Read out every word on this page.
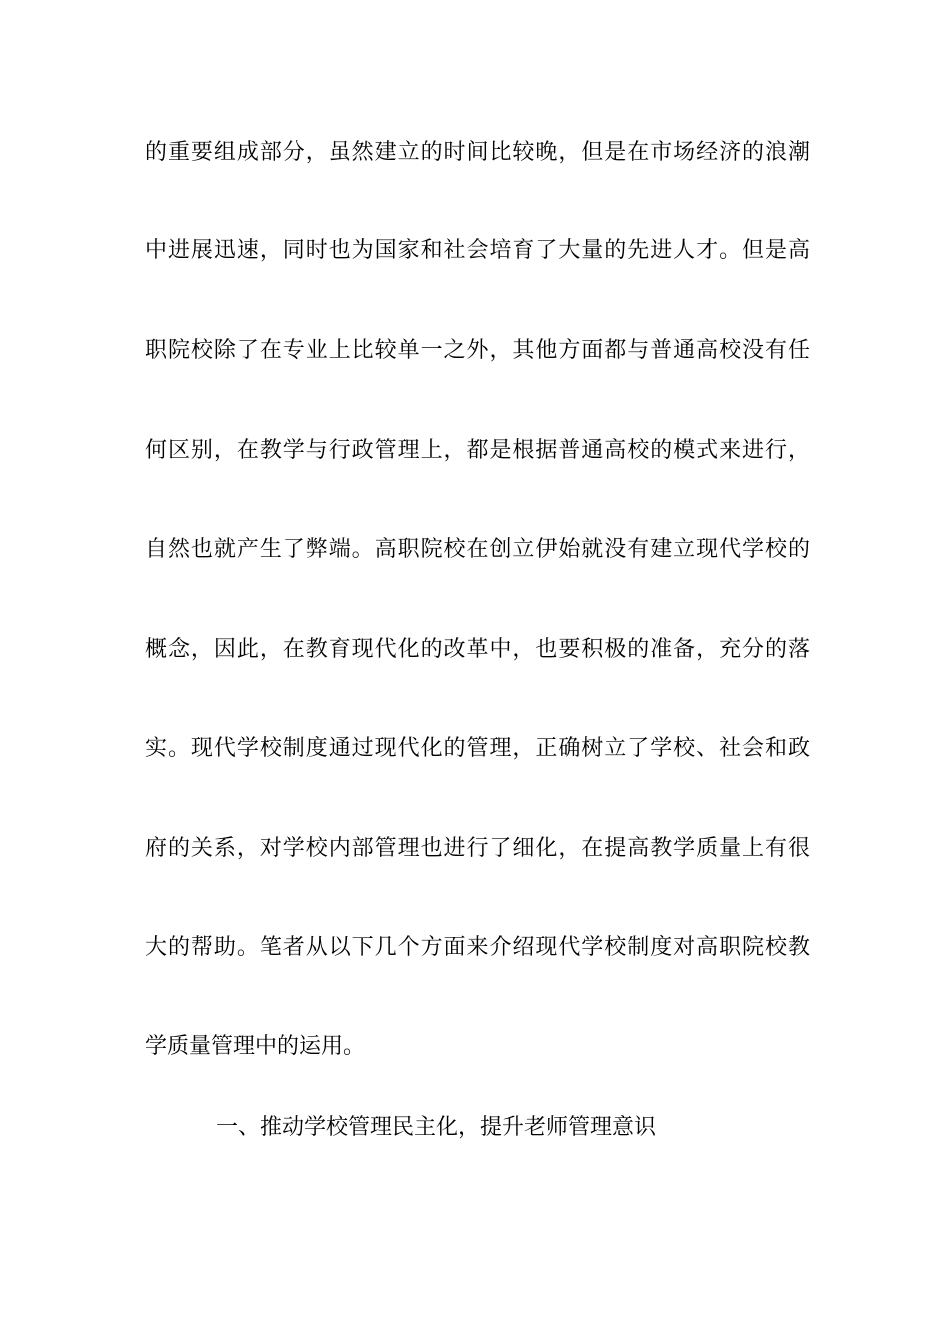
的重要组成部分，虽然建立的时间比较晚，但是在市场经济的浪潮
中进展迅速，同时也为国家和社会培育了大量的先进人才。但是高
职院校除了在专业上比较单一之外，其他方面都与普通高校没有任
何区别，在教学与行政管理上，都是根据普通高校的模式来进行，
自然也就产生了弊端。高职院校在创立伊始就没有建立现代学校的
概念，因此，在教育现代化的改革中，也要积极的准备，充分的落
实。现代学校制度通过现代化的管理，正确树立了学校、社会和政
府的关系，对学校内部管理也进行了细化，在提高教学质量上有很
大的帮助。笔者从以下几个方面来介绍现代学校制度对高职院校教
学质量管理中的运用。
一、推动学校管理民主化，提升老师管理意识
